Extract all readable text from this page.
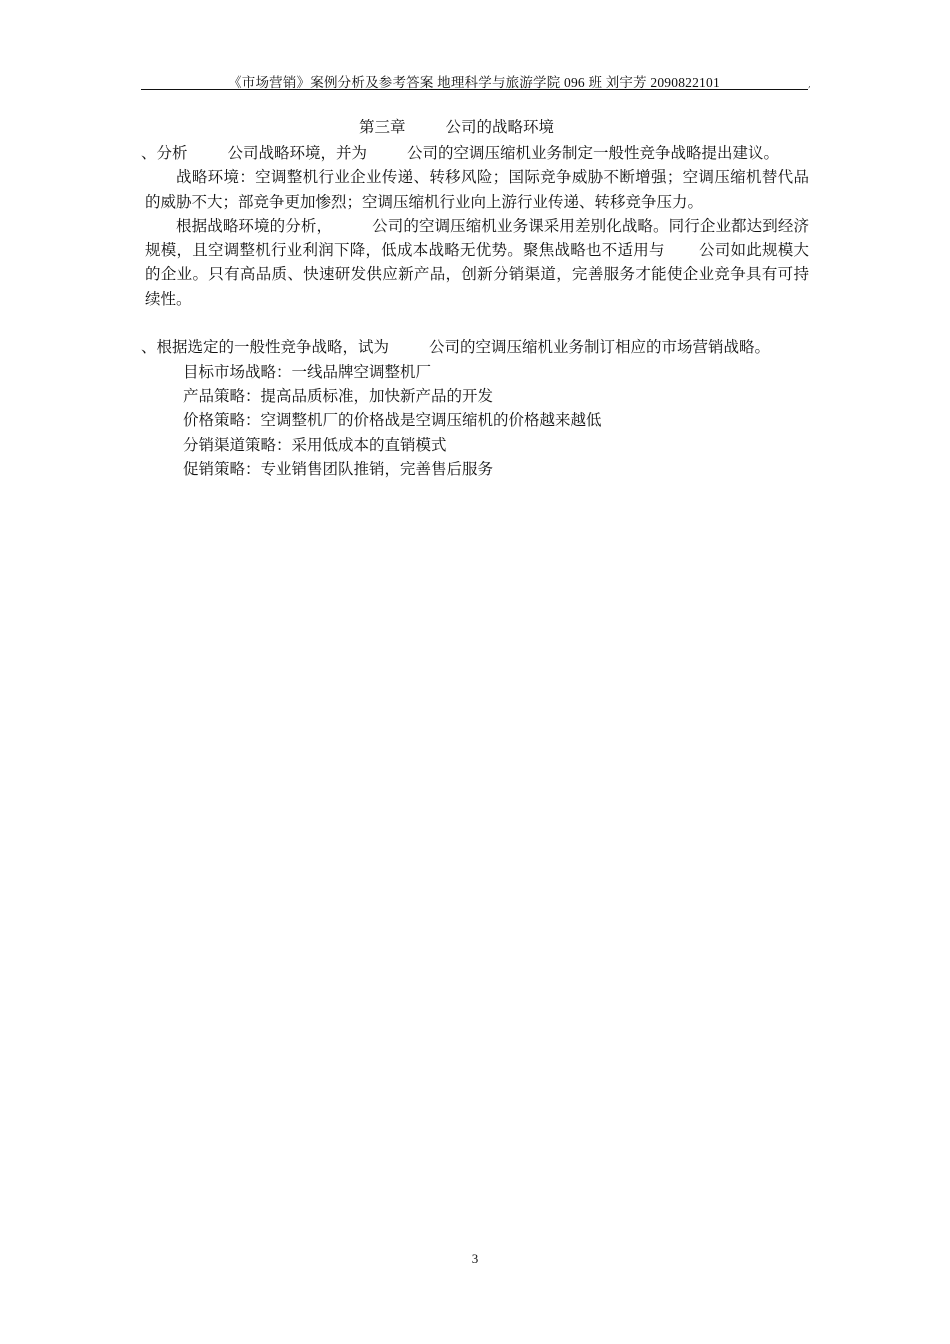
《市场营销》案例分析及参考答案 地理科学与旅游学院 096 班 刘宇芳 2090822101	,
第三章	公司的战略环境

、分析	公司战略环境，并为	公司的空调压缩机业务制定一般性竞争战略提出建议。

战略环境：空调整机行业企业传递、转移风险；国际竞争威胁不断增强；空调压缩机替代品的威胁不大；部竞争更加惨烈；空调压缩机行业向上游行业传递、转移竞争压力。

根据战略环境的分析，	公司的空调压缩机业务课采用差别化战略。同行企业都达到经济规模，且空调整机行业利润下降，低成本战略无优势。聚焦战略也不适用与 公司如此规模大的企业。只有高品质、快速研发供应新产品，创新分销渠道，完善服务才能使企业竞争具有可持续性。

、根据选定的一般性竞争战略，试为	公司的空调压缩机业务制订相应的市场营销战略。

目标市场战略：一线品牌空调整机厂

产品策略：提高品质标准，加快新产品的开发

价格策略：空调整机厂的价格战是空调压缩机的价格越来越低

分销渠道策略：采用低成本的直销模式

促销策略：专业销售团队推销，完善售后服务

3
